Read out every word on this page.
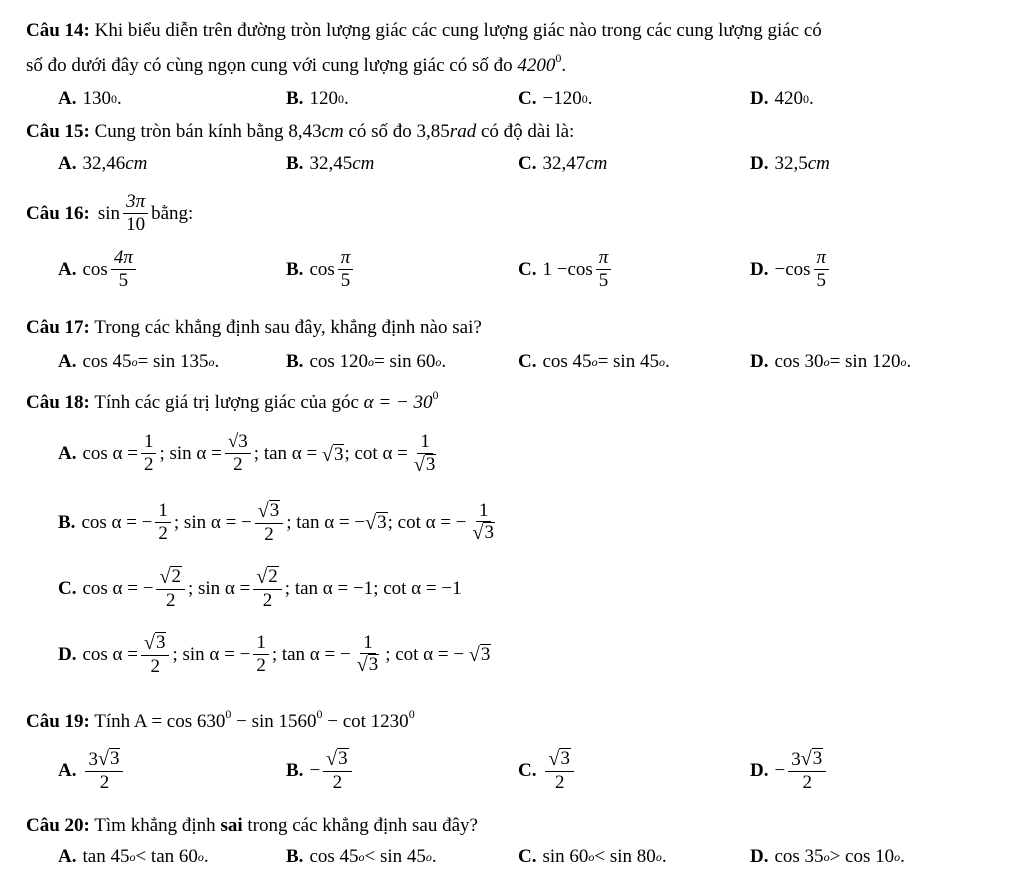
Câu 14: Khi biểu diễn trên đường tròn lượng giác các cung lượng giác nào trong các cung lượng giác có
số đo dưới đây có cùng ngọn cung với cung lượng giác có số đo 4200$^0$.
A. 130 0 .	B. 120 0 .	C. −120 0 .	D. 420 0 .
Câu 15: Cung tròn bán kính bằng 8,43cm có số đo 3,85rad có độ dài là:
A. 32,46 cm	B. 32,45 cm	C. 32,47 cm	D. 32,5 cm
Câu 16: $\sin \frac{3\pi}{10}$ bằng:
A. $\cos \frac{4\pi}{5}$	B. $\cos \frac{\pi}{5}$	C. $1 - \cos \frac{\pi}{5}$	D. − $\cos \frac{\pi}{5}$
Câu 17: Trong các khẳng định sau đây, khẳng định nào sai?
A. cos 45 o = sin 135 o .	B. cos 120 o = sin 60 o .	C. cos 45 o = sin 45 o .	D. cos 30 o = sin 120 o .
Câu 18: Tính các giá trị lượng giác của góc α = − $30^0$
A. $\cos \alpha = \frac{1}{2}$ ; $\sin \alpha = \frac{√3}{2}$ ; tan α =
√ 3 ; $\cot \alpha = \frac{1}{√ 3}$
B. cos α = − $\frac{1}{2}$ ; sin α = − $\frac{√ 3}{2}$ ; tan α = − √ 3 ; cot α = − $\frac{1}{√ 3}$
C. cos α = − $\frac{√ 2}{2}$ ; $\sin \alpha = \frac{√ 2}{2}$ ; tan α = −1 ; cot α = −1
D. $\cos \alpha = \frac{√ 3}{2}$ ; sin α = − $\frac{1}{2}$ ; tan α = − $\frac{1}{√ 3}$ ; cot α = −
√ 3
Câu 19: Tính $A = \cos 630^0 - \sin 1560^0 - \cot 1230^0$
A. $\frac{3 √ 3}{2}$	B. − $\frac{√ 3}{2}$	C. $\frac{√ 3}{2}$	D. − $\frac{3 √ 3}{2}$
Câu 20: Tìm khẳng định sai trong các khẳng định sau đây?
A. tan 45 o < tan 60 o .	B. cos 45 o < sin 45 o .	C. sin 60 o < sin 80 o .	D. cos 35 o > cos 10 o .
